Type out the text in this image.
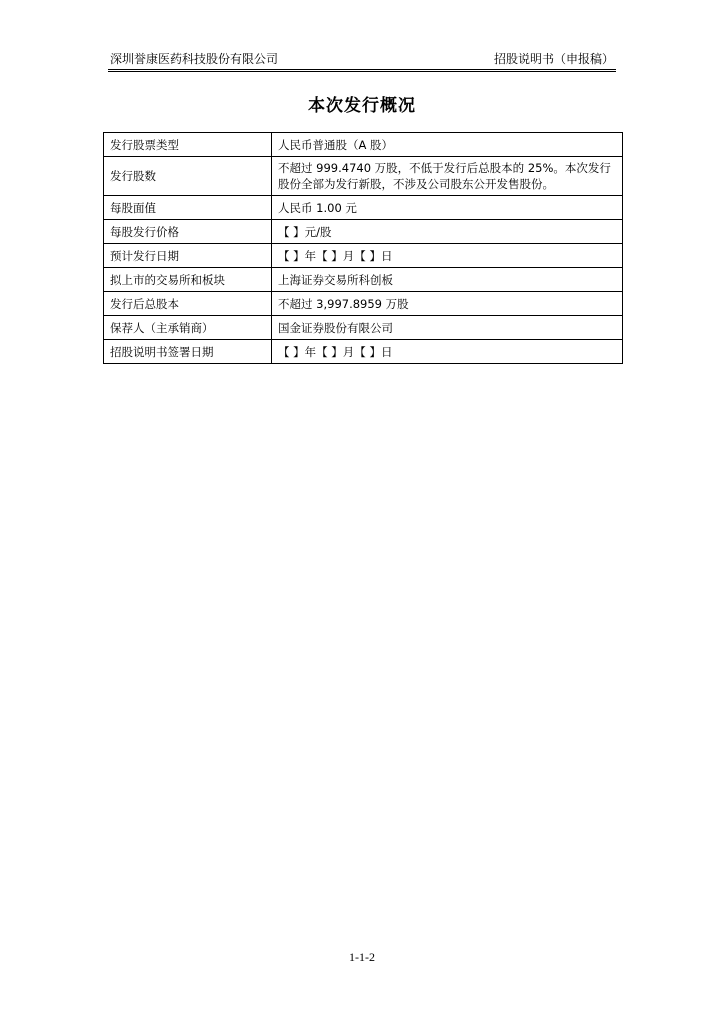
深圳誉康医药科技股份有限公司	招股说明书（申报稿）
本次发行概况
发行股票类型	人民币普通股（A 股）
发行股数	不超过 999.4740 万股，不低于发行后总股本的 25%。本次发行股份全部为发行新股，不涉及公司股东公开发售股份。
每股面值	人民币 1.00 元
每股发行价格	【 】元/股
预计发行日期	【 】年【 】月【 】日
拟上市的交易所和板块	上海证券交易所科创板
发行后总股本	不超过 3,997.8959 万股
保荐人（主承销商）	国金证券股份有限公司
招股说明书签署日期	【 】年【 】月【 】日
1-1-2
